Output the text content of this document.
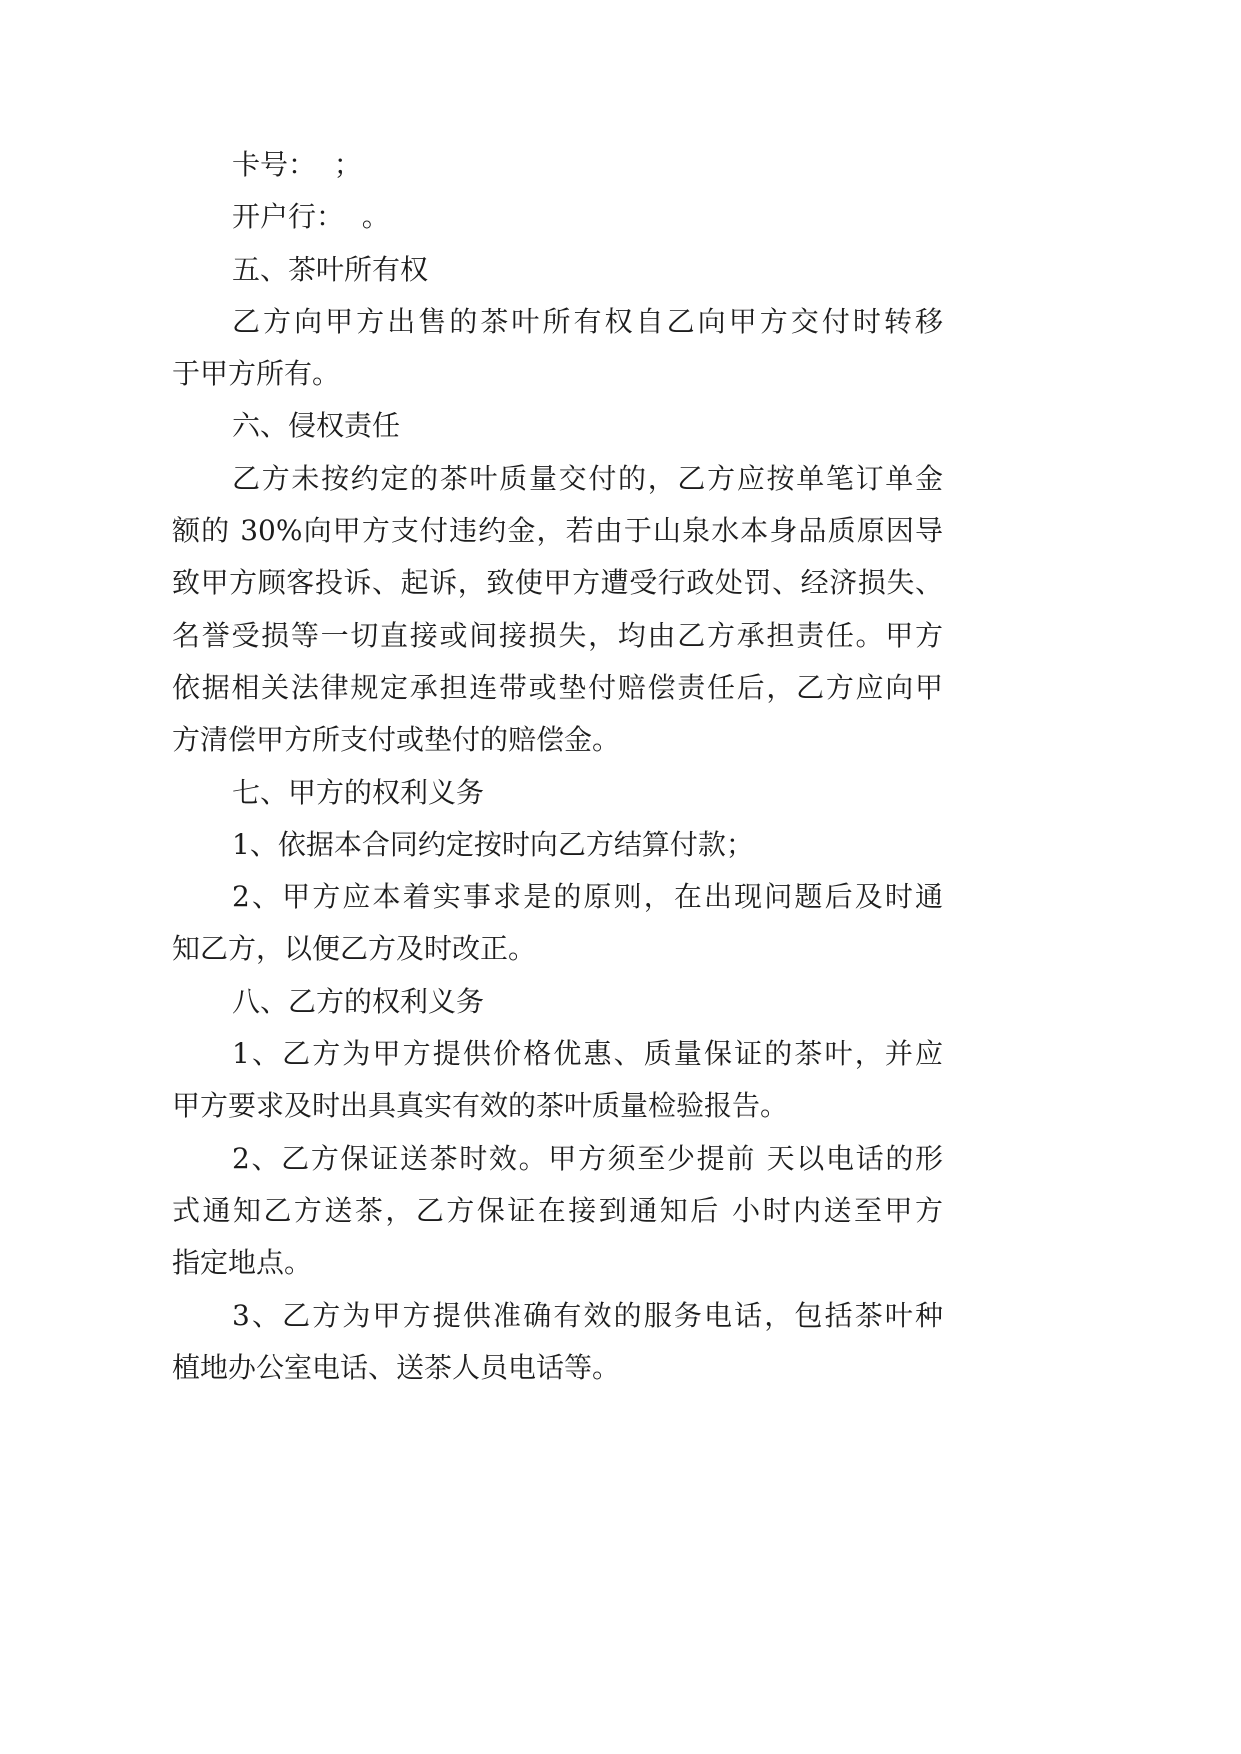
卡号：  ；
开户行：  。
五、茶叶所有权
乙方向甲方出售的茶叶所有权自乙向甲方交付时转移
于甲方所有。
六、侵权责任
乙方未按约定的茶叶质量交付的，乙方应按单笔订单金
额的 30%向甲方支付违约金，若由于山泉水本身品质原因导
致甲方顾客投诉、起诉，致使甲方遭受行政处罚、经济损失、
名誉受损等一切直接或间接损失，均由乙方承担责任。甲方
依据相关法律规定承担连带或垫付赔偿责任后，乙方应向甲
方清偿甲方所支付或垫付的赔偿金。
七、甲方的权利义务
1、依据本合同约定按时向乙方结算付款；
2、甲方应本着实事求是的原则，在出现问题后及时通
知乙方，以便乙方及时改正。
八、乙方的权利义务
1、乙方为甲方提供价格优惠、质量保证的茶叶，并应
甲方要求及时出具真实有效的茶叶质量检验报告。
2、乙方保证送茶时效。甲方须至少提前 天以电话的形
式通知乙方送茶，乙方保证在接到通知后 小时内送至甲方
指定地点。
3、乙方为甲方提供准确有效的服务电话，包括茶叶种
植地办公室电话、送茶人员电话等。
